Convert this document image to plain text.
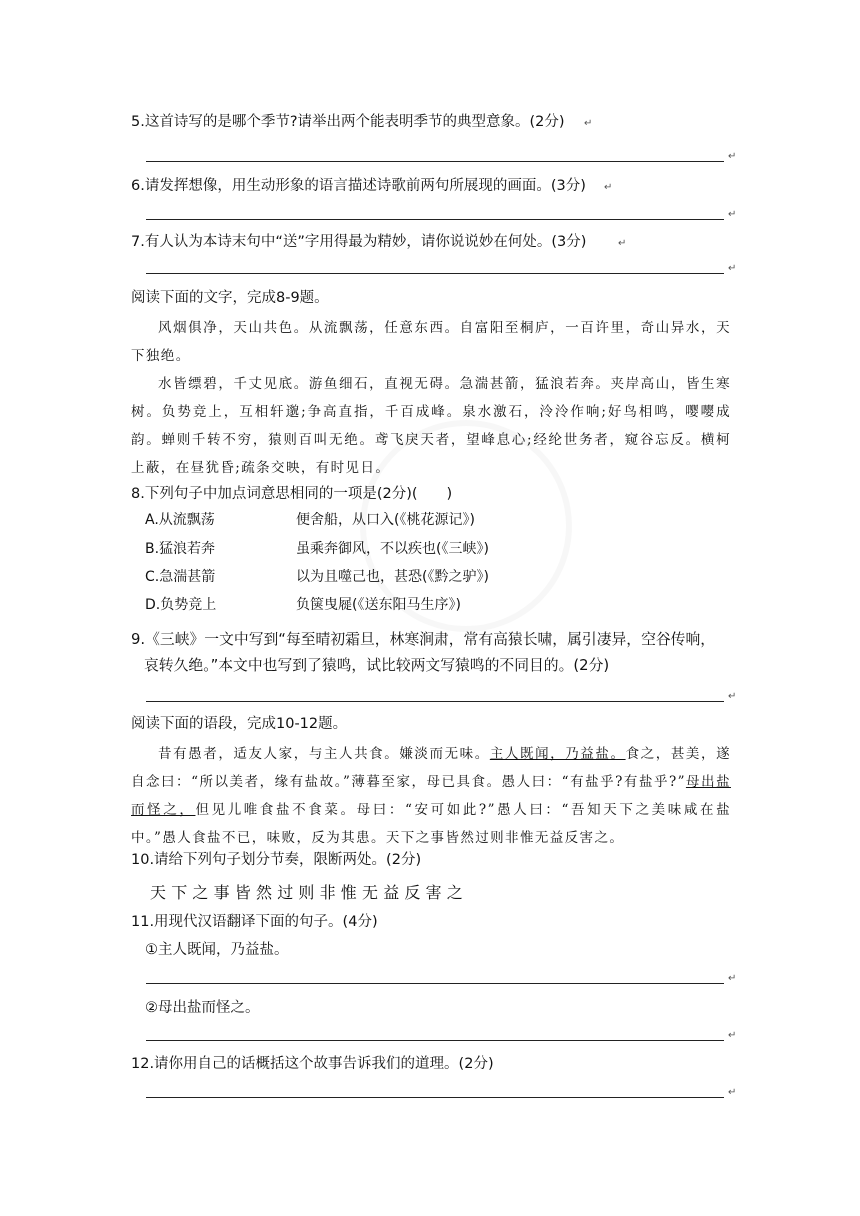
5.这首诗写的是哪个季节?请举出两个能表明季节的典型意象。(2分) ↵
↵
6.请发挥想像，用生动形象的语言描述诗歌前两句所展现的画面。(3分) ↵
↵
7.有人认为本诗末句中“送”字用得最为精妙，请你说说妙在何处。(3分)	↵
↵
阅读下面的文字，完成8-9题。

风烟俱净，天山共色。从流飘荡，任意东西。自富阳至桐庐，一百许里，奇山异水，天下独绝。

水皆缥碧，千丈见底。游鱼细石，直视无碍。急湍甚箭，猛浪若奔。夹岸高山，皆生寒树。负势竞上，互相轩邈;争高直指，千百成峰。泉水激石，泠泠作响;好鸟相鸣，嘤嘤成韵。蝉则千转不穷，猿则百叫无绝。鸢飞戾天者，望峰息心;经纶世务者，窥谷忘反。横柯上蔽，在昼犹昏;疏条交映，有时见日。

8.下列句子中加点词意思相同的一项是(2分)(　　)
A.从流飘荡	便舍船，从口入(《桃花源记》)
B.猛浪若奔	虽乘奔御风，不以疾也(《三峡》)
C.急湍甚箭	以为且噬己也，甚恐(《黔之驴》)
D.负势竞上	负箧曳屣(《送东阳马生序》)
9.《三峡》一文中写到“每至晴初霜旦，林寒涧肃，常有高猿长啸，属引凄异，空谷传响，
哀转久绝。”本文中也写到了猿鸣，试比较两文写猿鸣的不同目的。(2分)
↵
阅读下面的语段，完成10-12题。

昔有愚者，适友人家，与主人共食。嫌淡而无味。主人既闻，乃益盐。食之，甚美，遂自念曰：“所以美者，缘有盐故。”薄暮至家，母已具食。愚人曰：“有盐乎?有盐乎?”母出盐而怪之，但见儿唯食盐不食菜。母曰：“安可如此?”愚人曰：“吾知天下之美味咸在盐中。”愚人食盐不已，味败，反为其患。天下之事皆然过则非惟无益反害之。

10.请给下列句子划分节奏，限断两处。(2分)
天下之事皆然过则非惟无益反害之
11.用现代汉语翻译下面的句子。(4分)
①主人既闻，乃益盐。
↵
②母出盐而怪之。
↵
12.请你用自己的话概括这个故事告诉我们的道理。(2分)
↵
